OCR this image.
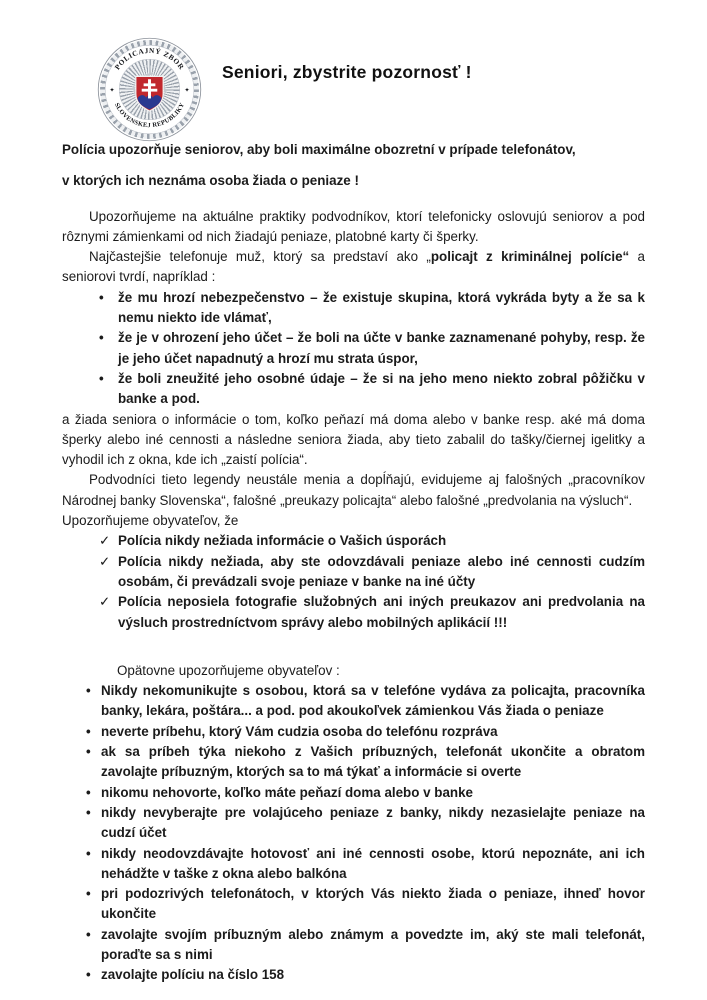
POLICAJNÝ ZBOR
SLOVENSKEJ REPUBLIKY
✦	✦
Seniori, zbystrite pozornosť !

Polícia upozorňuje seniorov, aby boli maximálne obozretní v prípade telefonátov,

v ktorých ich neznáma osoba žiada o peniaze !

Upozorňujeme na aktuálne praktiky podvodníkov, ktorí telefonicky oslovujú seniorov a pod rôznymi zámienkami od nich žiadajú peniaze, platobné karty či šperky.

Najčastejšie telefonuje muž, ktorý sa predstaví ako „policajt z kriminálnej polície“ a seniorovi tvrdí, napríklad :

•	že mu hrozí nebezpečenstvo – že existuje skupina, ktorá vykráda byty a že sa k nemu niekto ide vlámať,
•	že je v ohrození jeho účet – že boli na účte v banke zaznamenané pohyby, resp. že je jeho účet napadnutý a hrozí mu strata úspor,
•	že boli zneužité jeho osobné údaje – že si na jeho meno niekto zobral pôžičku v banke a pod.

a žiada seniora o informácie o tom, koľko peňazí má doma alebo v banke resp. aké má doma šperky alebo iné cennosti a následne seniora žiada, aby tieto zabalil do tašky/čiernej igelitky a vyhodil ich z okna, kde ich „zaistí polícia“.

Podvodníci tieto legendy neustále menia a dopĺňajú, evidujeme aj falošných „pracovníkov Národnej banky Slovenska“, falošné „preukazy policajta“ alebo falošné „predvolania na výsluch“.

Upozorňujeme obyvateľov, že

✓ Polícia nikdy nežiada informácie o Vašich úsporách
✓ Polícia nikdy nežiada, aby ste odovzdávali peniaze alebo iné cennosti cudzím osobám, či prevádzali svoje peniaze v banke na iné účty
✓ Polícia neposiela fotografie služobných ani iných preukazov ani predvolania na výsluch prostredníctvom správy alebo mobilných aplikácií !!!

Opätovne upozorňujeme obyvateľov :

• Nikdy nekomunikujte s osobou, ktorá sa v telefóne vydáva za policajta, pracovníka banky, lekára, poštára... a pod. pod akoukoľvek zámienkou Vás žiada o peniaze
• neverte príbehu, ktorý Vám cudzia osoba do telefónu rozpráva
• ak sa príbeh týka niekoho z Vašich príbuzných, telefonát ukončite a obratom zavolajte príbuzným, ktorých sa to má týkať a informácie si overte
• nikomu nehovorte, koľko máte peňazí doma alebo v banke
• nikdy nevyberajte pre volajúceho peniaze z banky, nikdy nezasielajte peniaze na cudzí účet
• nikdy neodovzdávajte hotovosť ani iné cennosti osobe, ktorú nepoznáte, ani ich nehádžte v taške z okna alebo balkóna
• pri podozrivých telefonátoch, v ktorých Vás niekto žiada o peniaze, ihneď hovor ukončite
• zavolajte svojím príbuzným alebo známym a povedzte im, aký ste mali telefonát, poraďte sa s nimi
• zavolajte políciu na číslo 158
